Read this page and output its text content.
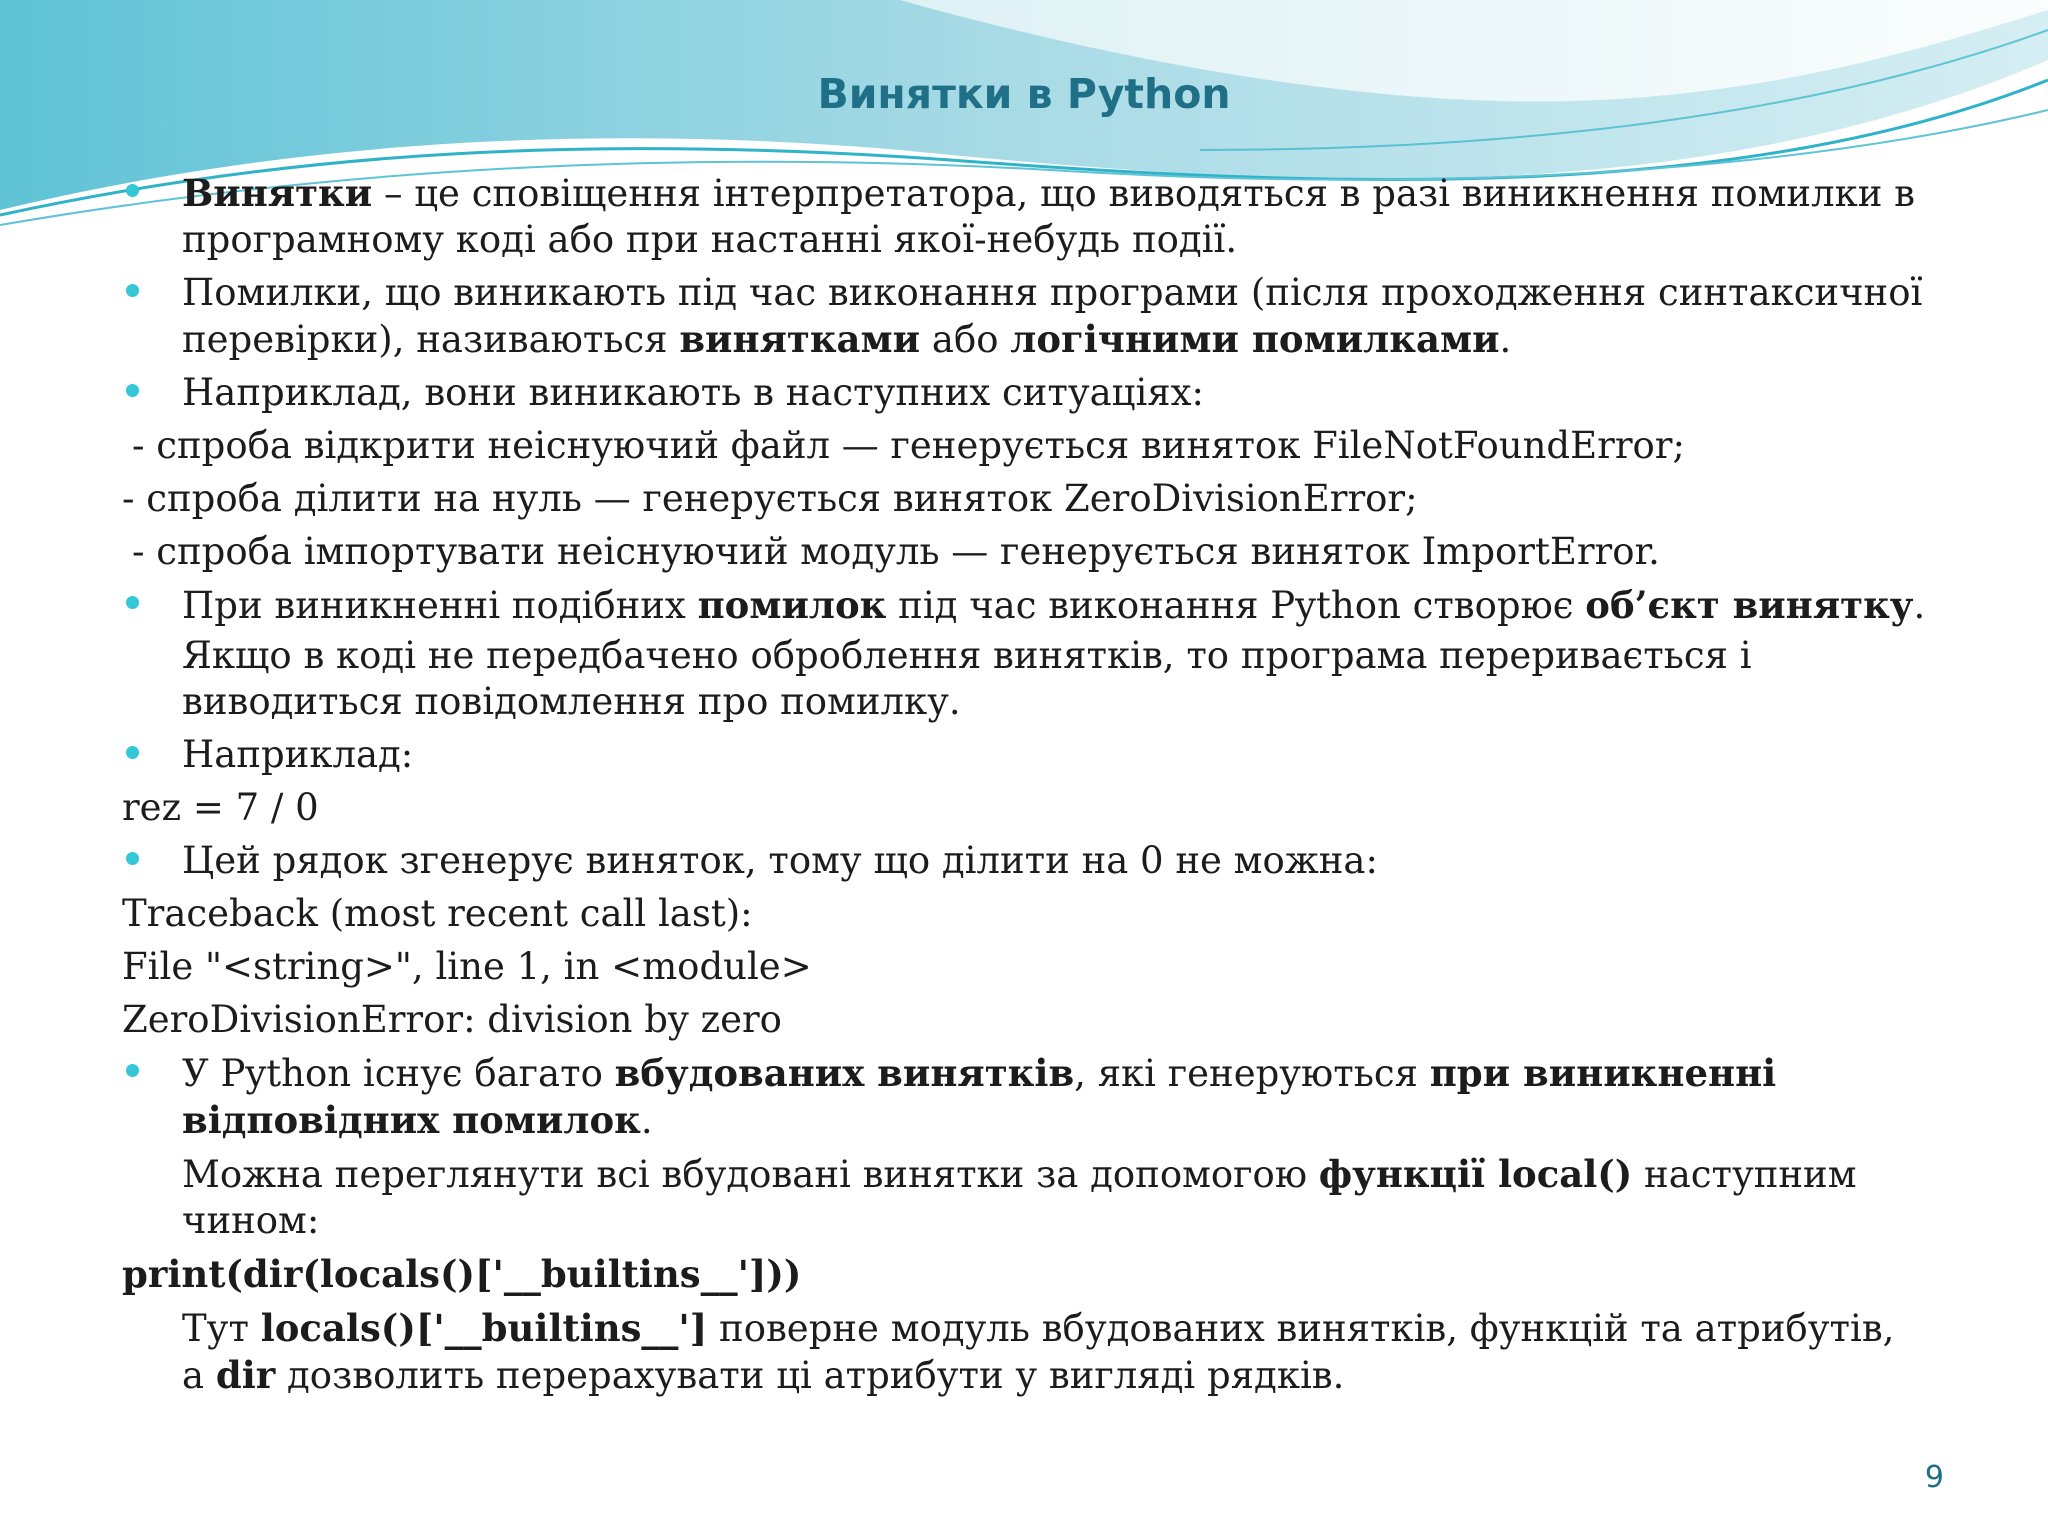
Винятки в Python
Винятки – це сповіщення інтерпретатора, що виводяться в разі виникнення помилки в програмному коді або при настанні якої-небудь події.
Помилки, що виникають під час виконання програми (після проходження синтаксичної перевірки), називаються винятками або логічними помилками.
Наприклад, вони виникають в наступних ситуаціях:
- спроба відкрити неіснуючий файл — генерується виняток FileNotFoundError;
- спроба ділити на нуль — генерується виняток ZeroDivisionError;
- спроба імпортувати неіснуючий модуль — генерується виняток ImportError.
При виникненні подібних помилок під час виконання Python створює об’єкт винятку.
Якщо в коді не передбачено оброблення винятків, то програма переривається і виводиться повідомлення про помилку.
Наприклад:
rez = 7 / 0
Цей рядок згенерує виняток, тому що ділити на 0 не можна:
Traceback (most recent call last):
File "<string>", line 1, in <module>
ZeroDivisionError: division by zero
У Python існує багато вбудованих винятків, які генеруються при виникненні відповідних помилок.
Можна переглянути всі вбудовані винятки за допомогою функції local() наступним чином:
print(dir(locals()['__builtins__']))
Тут locals()['__builtins__'] поверне модуль вбудованих винятків, функцій та атрибутів, а dir дозволить перерахувати ці атрибути у вигляді рядків.
9
